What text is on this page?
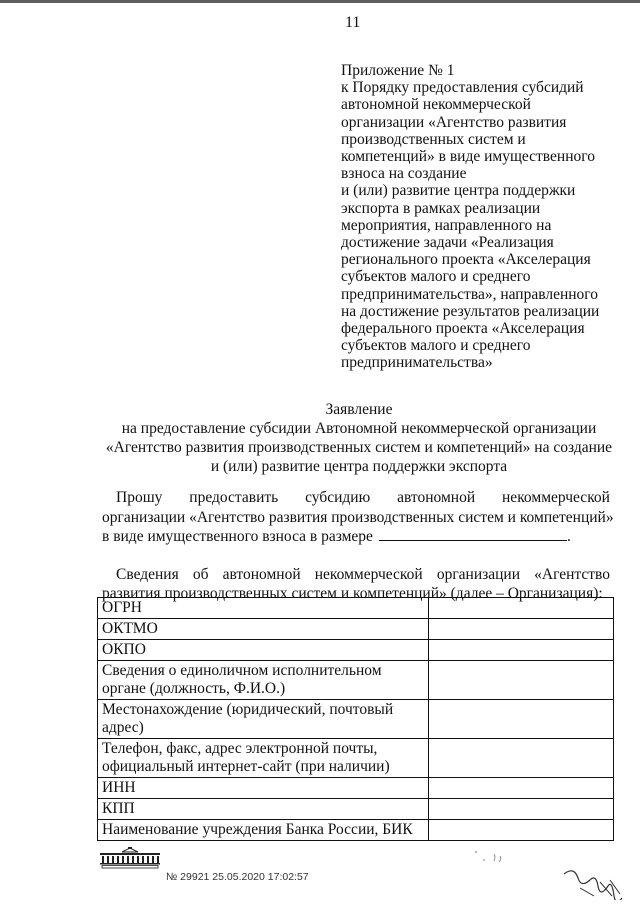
11
Приложение № 1
к Порядку предоставления субсидий
автономной некоммерческой
организации «Агентство развития
производственных систем и
компетенций» в виде имущественного
взноса на создание
и (или) развитие центра поддержки
экспорта в рамках реализации
мероприятия, направленного на
достижение задачи «Реализация
регионального проекта «Акселерация
субъектов малого и среднего
предпринимательства», направленного
на достижение результатов реализации
федерального проекта «Акселерация
субъектов малого и среднего
предпринимательства»
Заявление
на предоставление субсидии Автономной некоммерческой организации
«Агентство развития производственных систем и компетенций» на создание
и (или) развитие центра поддержки экспорта
Прошу предоставить субсидию автономной некоммерческой
организации «Агентство развития производственных систем и компетенций»
в виде имущественного взноса в размере	.
Сведения об автономной некоммерческой организации «Агентство
развития производственных систем и компетенций» (далее – Организация):
ОГРН	
ОКТМО	
ОКПО	
Сведения о единоличном исполнительном органе (должность, Ф.И.О.)	
Местонахождение (юридический, почтовый адрес)	
Телефон, факс, адрес электронной почты, официальный интернет-сайт (при наличии)	
ИНН	
КПП	
Наименование учреждения Банка России, БИК	
№ 29921 25.05.2020 17:02:57
